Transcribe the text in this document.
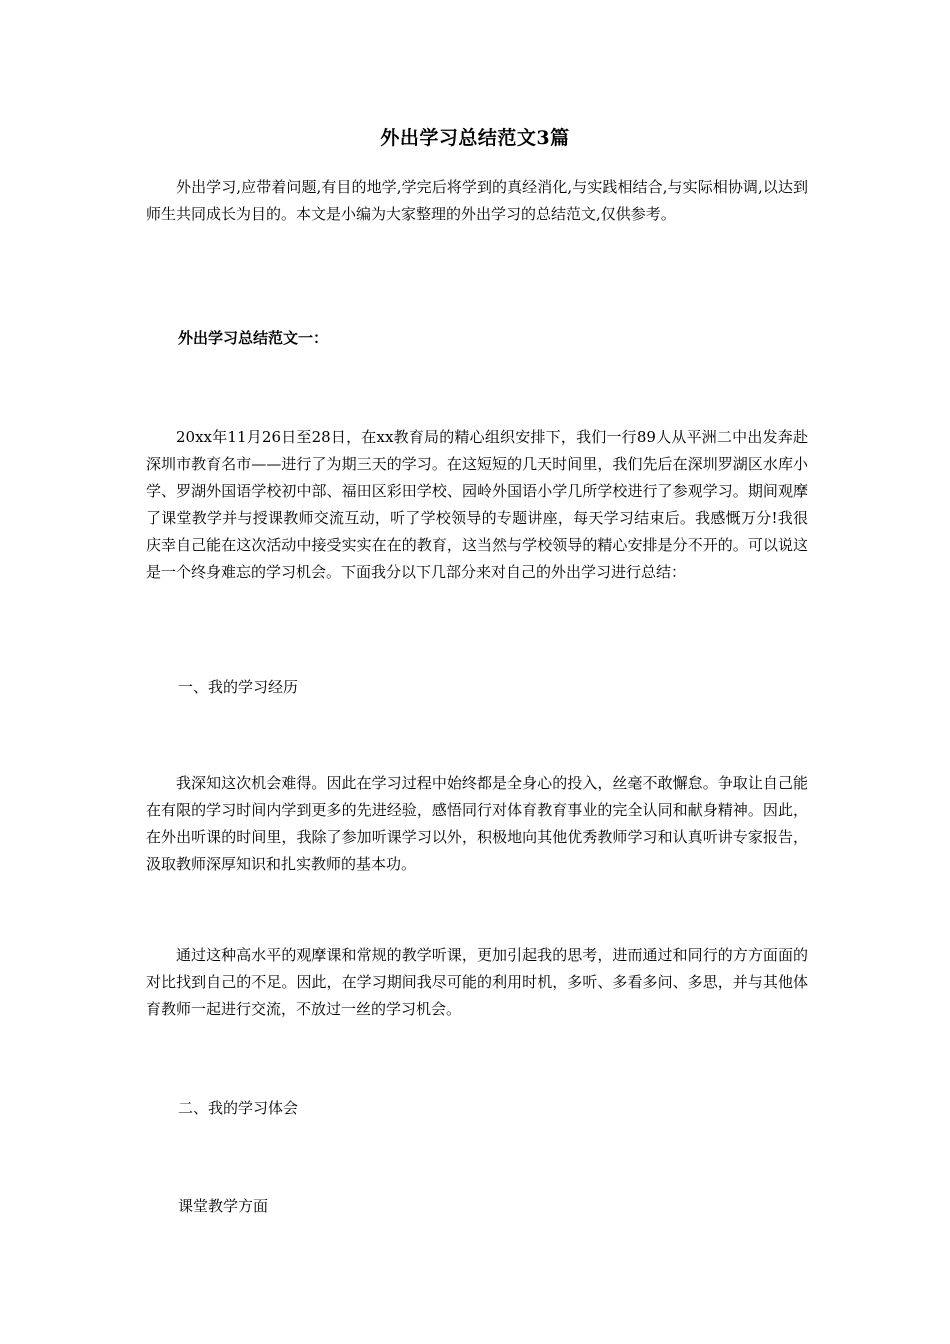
外出学习总结范文3篇

外出学习,应带着问题,有目的地学,学完后将学到的真经消化,与实践相结合,与实际相协调,以达到师生共同成长为目的。本文是小编为大家整理的外出学习的总结范文,仅供参考。

外出学习总结范文一：

20xx年11月26日至28日，在xx教育局的精心组织安排下，我们一行89人从平洲二中出发奔赴深圳市教育名市——进行了为期三天的学习。在这短短的几天时间里，我们先后在深圳罗湖区水库小学、罗湖外国语学校初中部、福田区彩田学校、园岭外国语小学几所学校进行了参观学习。期间观摩了课堂教学并与授课教师交流互动，听了学校领导的专题讲座，每天学习结束后。我感慨万分!我很庆幸自己能在这次活动中接受实实在在的教育，这当然与学校领导的精心安排是分不开的。可以说这是一个终身难忘的学习机会。下面我分以下几部分来对自己的外出学习进行总结：

一、我的学习经历

我深知这次机会难得。因此在学习过程中始终都是全身心的投入，丝毫不敢懈怠。争取让自己能在有限的学习时间内学到更多的先进经验，感悟同行对体育教育事业的完全认同和献身精神。因此，在外出听课的时间里，我除了参加听课学习以外，积极地向其他优秀教师学习和认真听讲专家报告，汲取教师深厚知识和扎实教师的基本功。

通过这种高水平的观摩课和常规的教学听课，更加引起我的思考，进而通过和同行的方方面面的对比找到自己的不足。因此，在学习期间我尽可能的利用时机，多听、多看多问、多思，并与其他体育教师一起进行交流，不放过一丝的学习机会。

二、我的学习体会

课堂教学方面
